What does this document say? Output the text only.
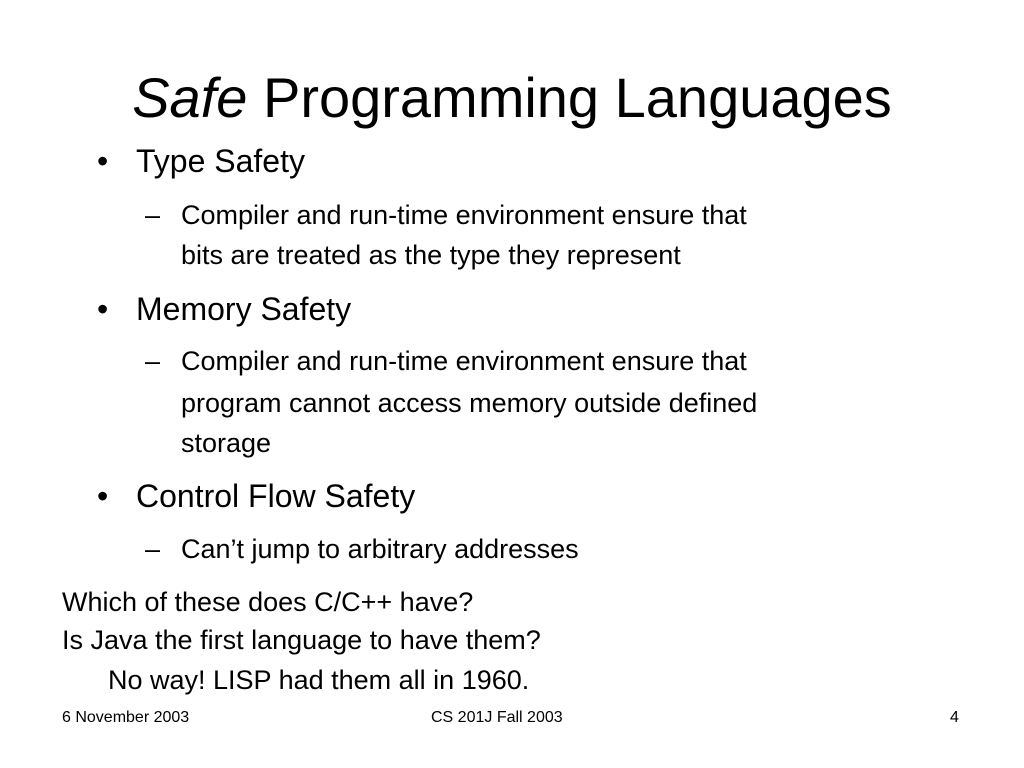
Safe Programming Languages
• Type Safety
– Compiler and run-time environment ensure that
bits are treated as the type they represent
• Memory Safety
– Compiler and run-time environment ensure that
program cannot access memory outside defined
storage
• Control Flow Safety
– Can’t jump to arbitrary addresses
Which of these does C/C++ have?
Is Java the first language to have them?
No way! LISP had them all in 1960.
6 November 2003	CS 201J Fall 2003	4
